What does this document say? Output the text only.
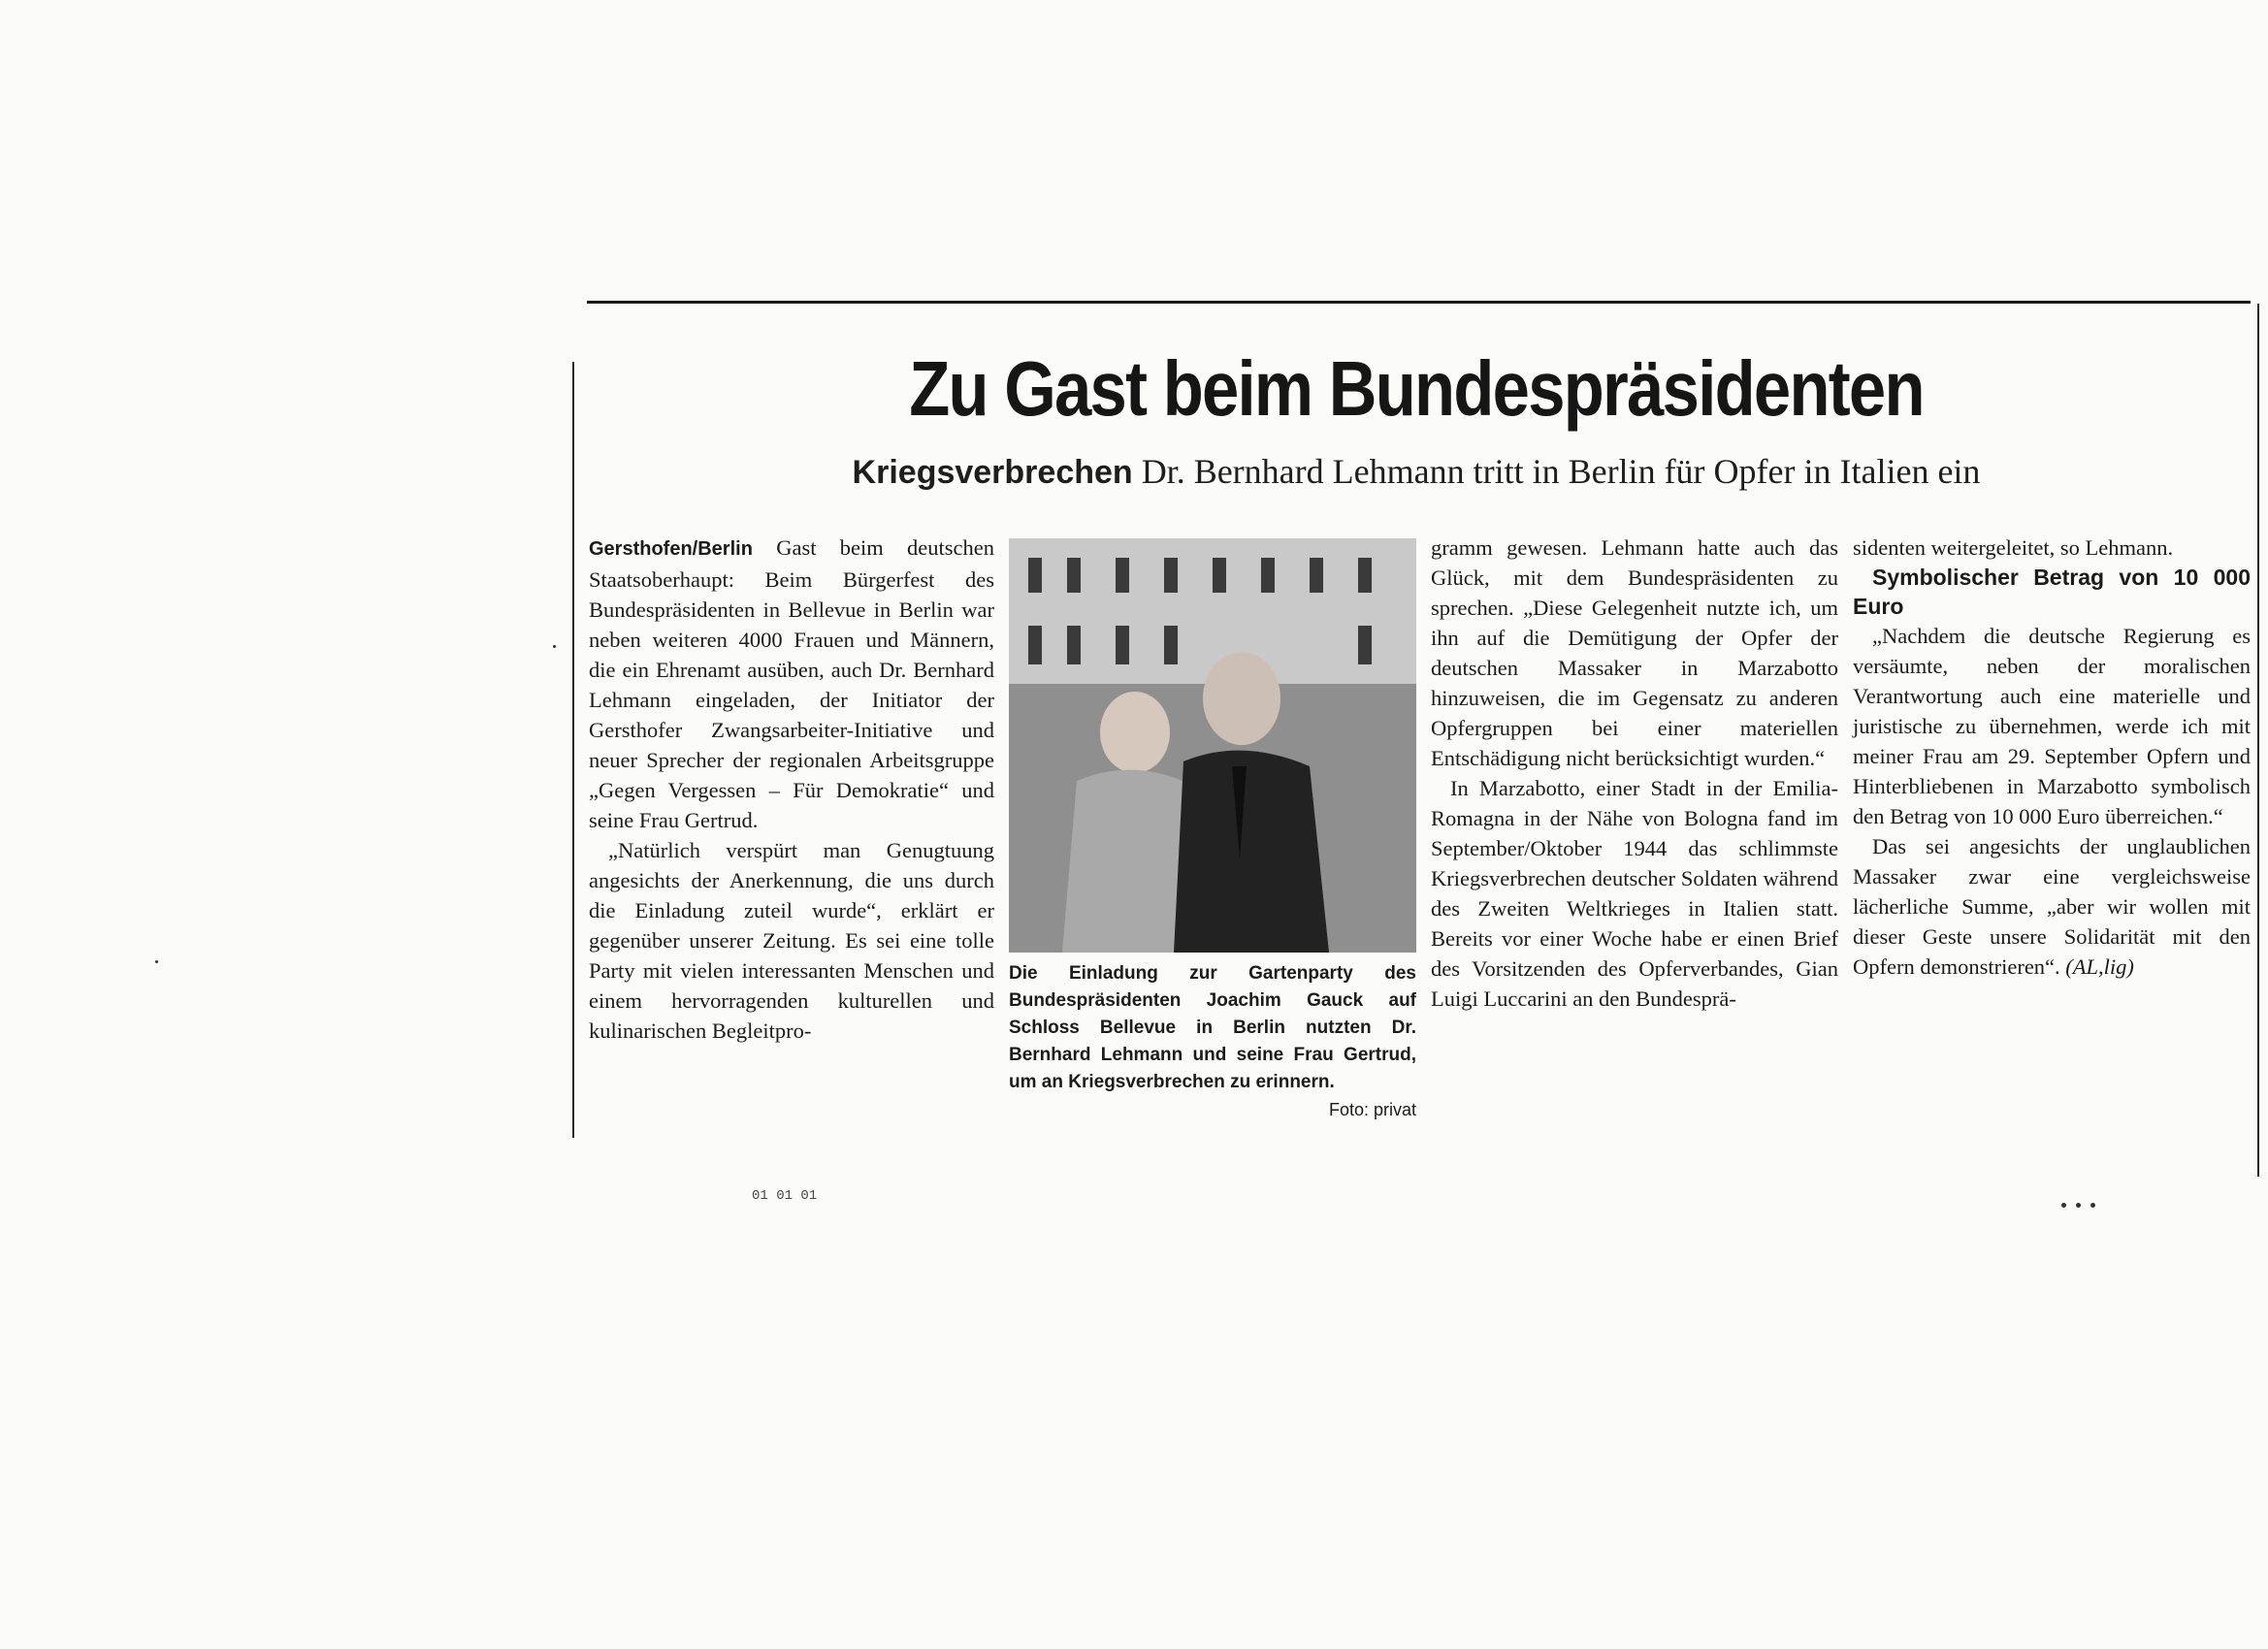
Zu Gast beim Bundespräsidenten
Kriegsverbrechen Dr. Bernhard Lehmann tritt in Berlin für Opfer in Italien ein

Gersthofen/Berlin Gast beim deutschen Staatsoberhaupt: Beim Bürgerfest des Bundespräsidenten in Bellevue in Berlin war neben weiteren 4000 Frauen und Männern, die ein Ehrenamt ausüben, auch Dr. Bernhard Lehmann eingeladen, der Initiator der Gersthofer Zwangsarbeiter-Initiative und neuer Sprecher der regionalen Arbeitsgruppe „Gegen Vergessen – Für Demokratie“ und seine Frau Gertrud.

„Natürlich verspürt man Genugtuung angesichts der Anerkennung, die uns durch die Einladung zuteil wurde“, erklärt er gegenüber unserer Zeitung. Es sei eine tolle Party mit vielen interessanten Menschen und einem hervorragenden kulturellen und kulinarischen Begleitpro-

Die Einladung zur Gartenparty des Bundespräsidenten Joachim Gauck auf Schloss Bellevue in Berlin nutzten Dr. Bernhard Lehmann und seine Frau Gertrud, um an Kriegsverbrechen zu erinnern.
Foto: privat

gramm gewesen. Lehmann hatte auch das Glück, mit dem Bundespräsidenten zu sprechen. „Diese Gelegenheit nutzte ich, um ihn auf die Demütigung der Opfer der deutschen Massaker in Marzabotto hinzuweisen, die im Gegensatz zu anderen Opfergruppen bei einer materiellen Entschädigung nicht berücksichtigt wurden.“

In Marzabotto, einer Stadt in der Emilia-Romagna in der Nähe von Bologna fand im September/Oktober 1944 das schlimmste Kriegsverbrechen deutscher Soldaten während des Zweiten Weltkrieges in Italien statt. Bereits vor einer Woche habe er einen Brief des Vorsitzenden des Opferverbandes, Gian Luigi Luccarini an den Bundesprä-

sidenten weitergeleitet, so Lehmann.

Symbolischer Betrag von 10 000 Euro

„Nachdem die deutsche Regierung es versäumte, neben der moralischen Verantwortung auch eine materielle und juristische zu übernehmen, werde ich mit meiner Frau am 29. September Opfern und Hinterbliebenen in Marzabotto symbolisch den Betrag von 10 000 Euro überreichen.“

Das sei angesichts der unglaublichen Massaker zwar eine vergleichsweise lächerliche Summe, „aber wir wollen mit dieser Geste unsere Solidarität mit den Opfern demonstrieren“. (AL,lig)

01 01 01
